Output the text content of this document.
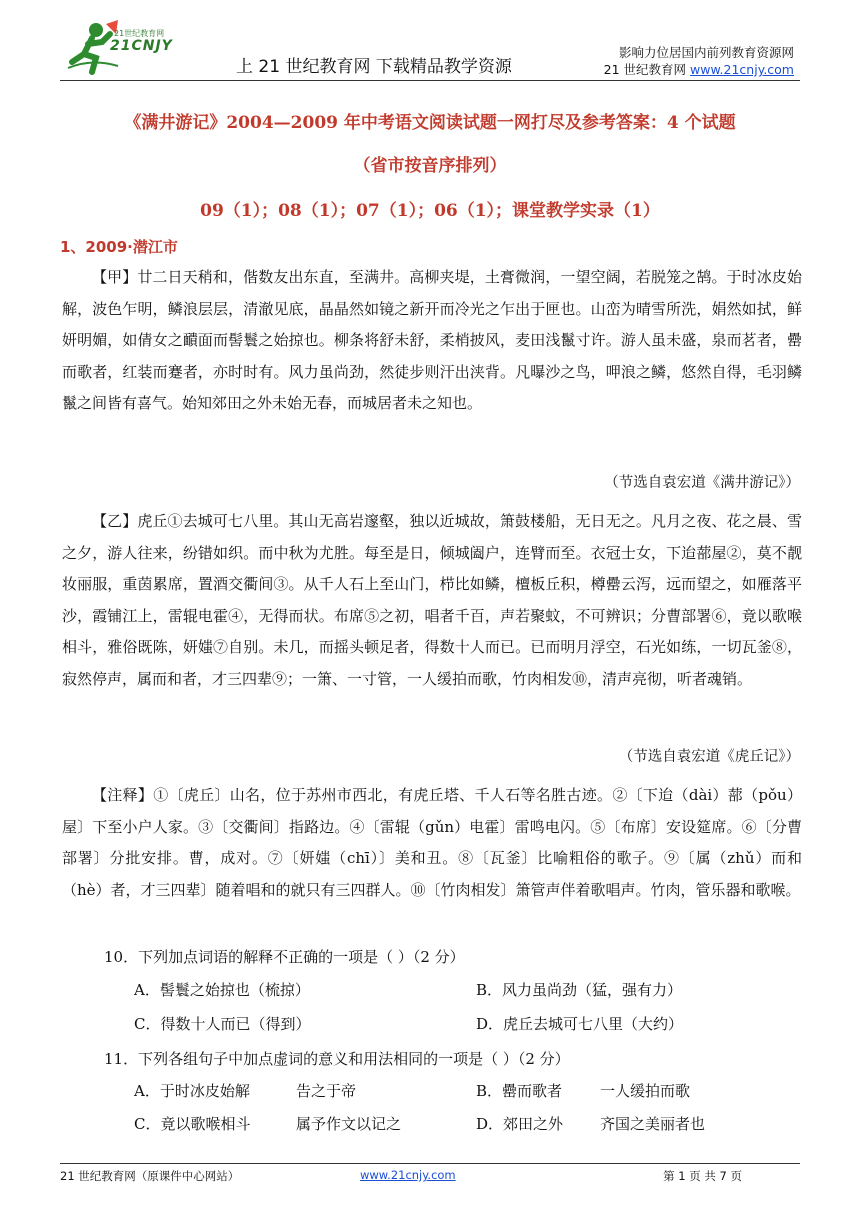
21世纪教育网
21CNJY
上 21 世纪教育网 下载精品教学资源
影响力位居国内前列教育资源网
21 世纪教育网 www.21cnjy.com
《满井游记》2004—2009 年中考语文阅读试题一网打尽及参考答案：4 个试题
（省市按音序排列）
09（1）；08（1）；07（1）；06（1）；课堂教学实录（1）
1、2009·潜江市

【甲】廿二日天稍和，偕数友出东直，至满井。高柳夹堤，土膏微润，一望空阔，若脱笼之鹄。于时冰皮始解，波色乍明，鳞浪层层，清澈见底，晶晶然如镜之新开而冷光之乍出于匣也。山峦为晴雪所洗，娟然如拭，鲜妍明媚，如倩女之靧面而髻鬟之始掠也。柳条将舒未舒，柔梢披风，麦田浅鬣寸许。游人虽未盛，泉而茗者，罍而歌者，红装而蹇者，亦时时有。风力虽尚劲，然徒步则汗出浃背。凡曝沙之鸟，呷浪之鳞，悠然自得，毛羽鳞鬣之间皆有喜气。始知郊田之外未始无春，而城居者未之知也。

（节选自袁宏道《满井游记》）

【乙】虎丘①去城可七八里。其山无高岩邃壑，独以近城故，箫鼓楼船，无日无之。凡月之夜、花之晨、雪之夕，游人往来，纷错如织。而中秋为尤胜。每至是日，倾城阖户，连臂而至。衣冠士女，下迨蔀屋②，莫不靓妆丽服，重茵累席，置酒交衢间③。从千人石上至山门，栉比如鳞，檀板丘积，樽罍云泻，远而望之，如雁落平沙，霞铺江上，雷辊电霍④，无得而状。布席⑤之初，唱者千百，声若聚蚊，不可辨识；分曹部署⑥，竟以歌喉相斗，雅俗既陈，妍媸⑦自别。未几，而摇头顿足者，得数十人而已。已而明月浮空，石光如练，一切瓦釜⑧，寂然停声，属而和者，才三四辈⑨；一箫、一寸管，一人缓拍而歌，竹肉相发⑩，清声亮彻，听者魂销。

（节选自袁宏道《虎丘记》）

【注释】①〔虎丘〕山名，位于苏州市西北，有虎丘塔、千人石等名胜古迹。②〔下迨（dài）蔀（pǒu）屋〕下至小户人家。③〔交衢间〕指路边。④〔雷辊（gǔn）电霍〕雷鸣电闪。⑤〔布席〕安设筵席。⑥〔分曹部署〕分批安排。曹，成对。⑦〔妍媸（chī）〕美和丑。⑧〔瓦釜〕比喻粗俗的歌子。⑨〔属（zhǔ）而和（hè）者，才三四辈〕随着唱和的就只有三四群人。⑩〔竹肉相发〕箫管声伴着歌唱声。竹肉，管乐器和歌喉。

10．下列加点词语的解释不正确的一项是（ ）（2 分）
A．髻鬟之始掠也（梳掠）	B．风力虽尚劲（猛，强有力）
C．得数十人而已（得到）	D．虎丘去城可七八里（大约）
11．下列各组句子中加点虚词的意义和用法相同的一项是（ ）（2 分）
A．于时冰皮始解	告之于帝	B．罍而歌者	一人缓拍而歌
C．竟以歌喉相斗	属予作文以记之	D．郊田之外 齐国之美丽者也
21 世纪教育网（原课件中心网站）	www.21cnjy.com	第 1 页 共 7 页
